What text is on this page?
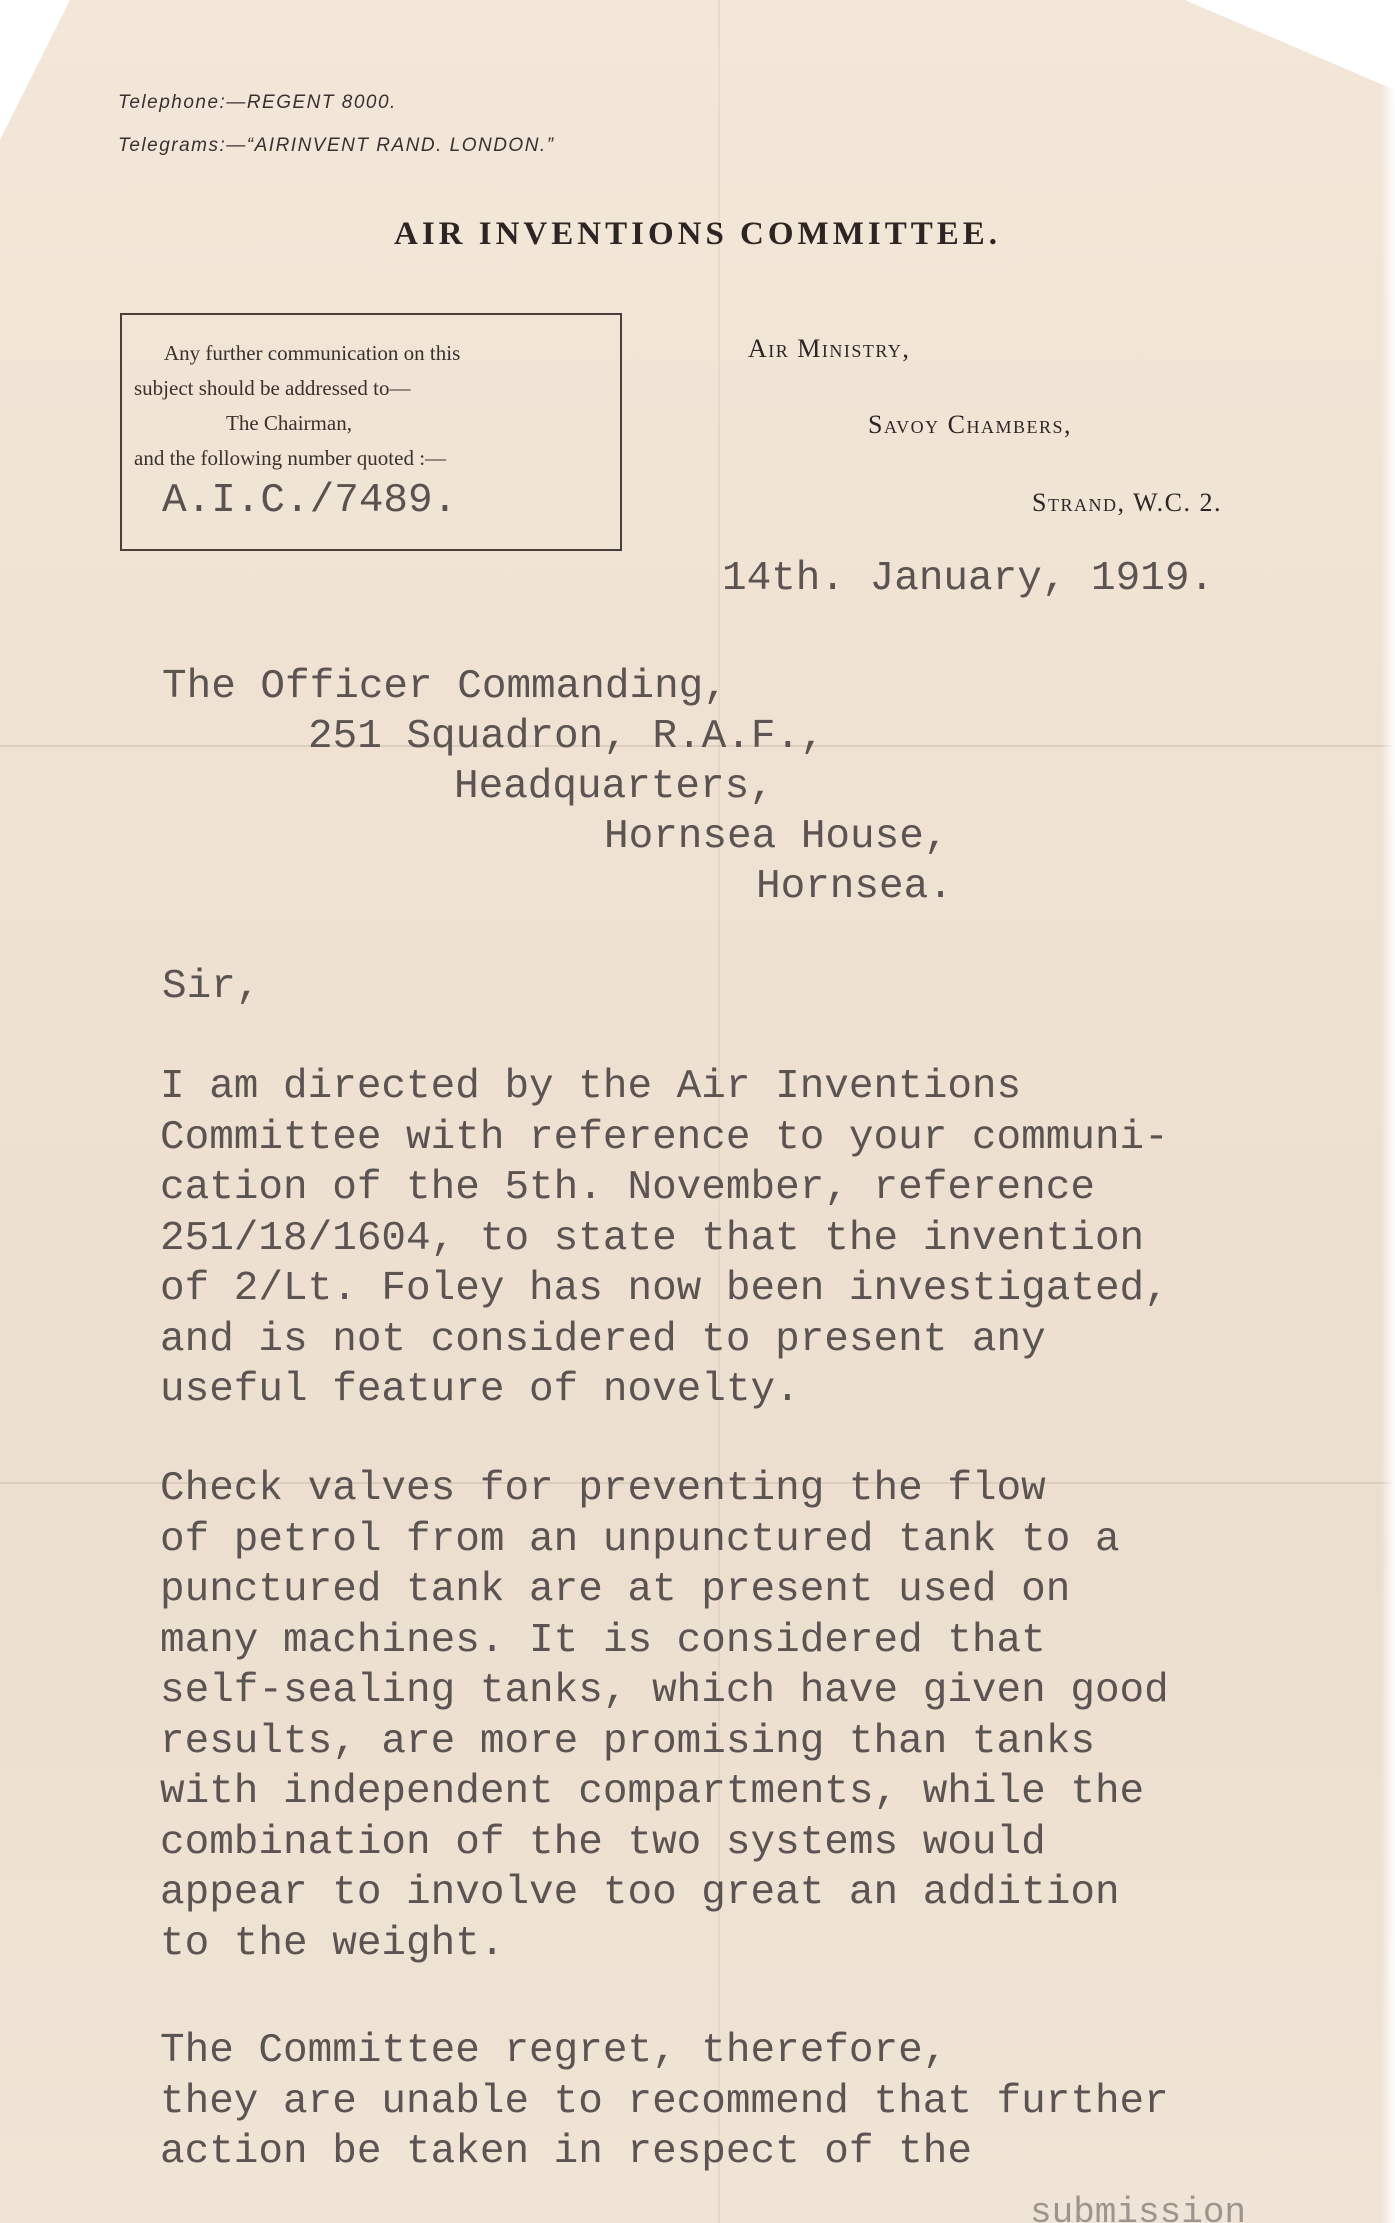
Telephone:—REGENT 8000.
Telegrams:—“AIRINVENT RAND. LONDON.”
AIR INVENTIONS COMMITTEE.
Any further communication on this
subject should be addressed to—
The Chairman,
and the following number quoted :—
A.I.C./7489.
Air Ministry,
Savoy Chambers,
Strand, W.C. 2.
14th. January, 1919.
The Officer Commanding,
251 Squadron, R.A.F.,
Headquarters,
Hornsea House,
Hornsea.
Sir,
I am directed by the Air Inventions
Committee with reference to your communi-
cation of the 5th. November, reference
251/18/1604, to state that the invention
of 2/Lt. Foley has now been investigated,
and is not considered to present any
useful feature of novelty.
Check valves for preventing the flow
of petrol from an unpunctured tank to a
punctured tank are at present used on
many machines. It is considered that
self-sealing tanks, which have given good
results, are more promising than tanks
with independent compartments, while the
combination of the two systems would
appear to involve too great an addition
to the weight.
The Committee regret, therefore,
they are unable to recommend that further
action be taken in respect of the
submission
